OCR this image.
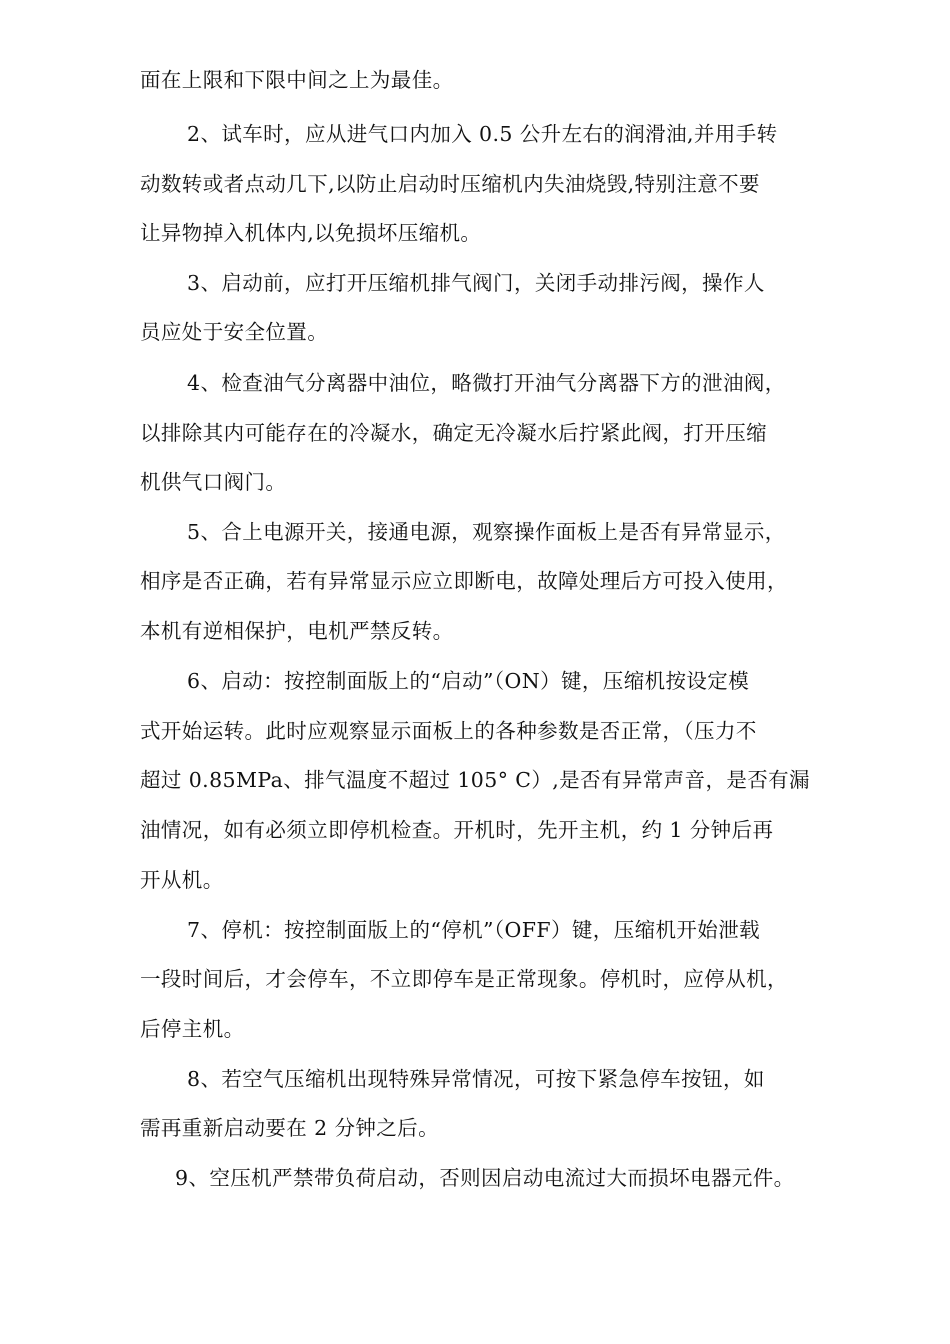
面在上限和下限中间之上为最佳。
2、试车时，应从进气口内加入 0.5 公升左右的润滑油,并用手转
动数转或者点动几下,以防止启动时压缩机内失油烧毁,特别注意不要
让异物掉入机体内,以免损坏压缩机。
3、启动前，应打开压缩机排气阀门，关闭手动排污阀，操作人
员应处于安全位置。
4、检查油气分离器中油位，略微打开油气分离器下方的泄油阀，
以排除其内可能存在的冷凝水，确定无冷凝水后拧紧此阀，打开压缩
机供气口阀门。
5、合上电源开关，接通电源，观察操作面板上是否有异常显示，
相序是否正确，若有异常显示应立即断电，故障处理后方可投入使用，
本机有逆相保护，电机严禁反转。
6、启动：按控制面版上的“启动”（ON）键，压缩机按设定模
式开始运转。此时应观察显示面板上的各种参数是否正常，（压力不
超过 0.85MPa、排气温度不超过 105° C）,是否有异常声音，是否有漏
油情况，如有必须立即停机检查。开机时，先开主机，约 1 分钟后再
开从机。
7、停机：按控制面版上的“停机”（OFF）键，压缩机开始泄载
一段时间后，才会停车，不立即停车是正常现象。停机时，应停从机，
后停主机。
8、若空气压缩机出现特殊异常情况，可按下紧急停车按钮，如
需再重新启动要在 2 分钟之后。
9、空压机严禁带负荷启动，否则因启动电流过大而损坏电器元件。
